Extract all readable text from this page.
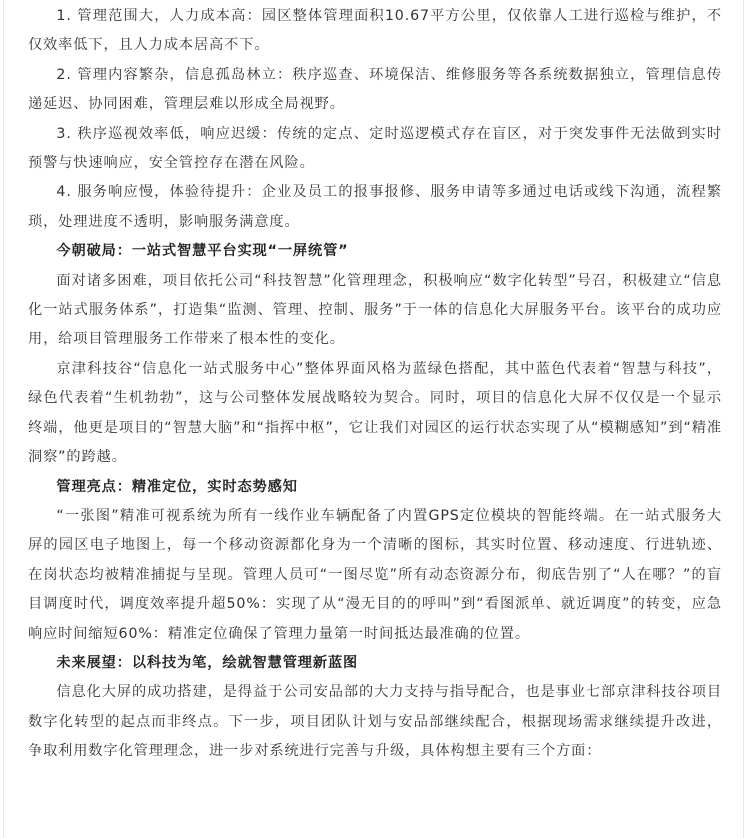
1. 管理范围大，人力成本高：园区整体管理面积10.67平方公里，仅依靠人工进行巡检与维护，不仅效率低下，且人力成本居高不下。

2. 管理内容繁杂，信息孤岛林立：秩序巡查、环境保洁、维修服务等各系统数据独立，管理信息传递延迟、协同困难，管理层难以形成全局视野。

3. 秩序巡视效率低，响应迟缓：传统的定点、定时巡逻模式存在盲区，对于突发事件无法做到实时预警与快速响应，安全管控存在潜在风险。

4. 服务响应慢，体验待提升：企业及员工的报事报修、服务申请等多通过电话或线下沟通，流程繁琐，处理进度不透明，影响服务满意度。

今朝破局：一站式智慧平台实现“一屏统管”

面对诸多困难，项目依托公司“科技智慧”化管理理念，积极响应“数字化转型”号召，积极建立“信息化一站式服务体系”，打造集“监测、管理、控制、服务”于一体的信息化大屏服务平台。该平台的成功应用，给项目管理服务工作带来了根本性的变化。

京津科技谷“信息化一站式服务中心”整体界面风格为蓝绿色搭配，其中蓝色代表着“智慧与科技”，绿色代表着“生机勃勃”，这与公司整体发展战略较为契合。同时，项目的信息化大屏不仅仅是一个显示终端，他更是项目的“智慧大脑”和“指挥中枢”，它让我们对园区的运行状态实现了从“模糊感知”到“精准洞察”的跨越。

管理亮点：精准定位，实时态势感知

“一张图”精准可视系统为所有一线作业车辆配备了内置GPS定位模块的智能终端。在一站式服务大屏的园区电子地图上，每一个移动资源都化身为一个清晰的图标，其实时位置、移动速度、行进轨迹、在岗状态均被精准捕捉与呈现。管理人员可“一图尽览”所有动态资源分布，彻底告别了“人在哪？”的盲目调度时代，调度效率提升超50%：实现了从“漫无目的的呼叫”到“看图派单、就近调度”的转变，应急响应时间缩短60%：精准定位确保了管理力量第一时间抵达最准确的位置。

未来展望：以科技为笔，绘就智慧管理新蓝图

信息化大屏的成功搭建，是得益于公司安品部的大力支持与指导配合，也是事业七部京津科技谷项目数字化转型的起点而非终点。下一步，项目团队计划与安品部继续配合，根据现场需求继续提升改进，争取利用数字化管理理念，进一步对系统进行完善与升级，具体构想主要有三个方面：
